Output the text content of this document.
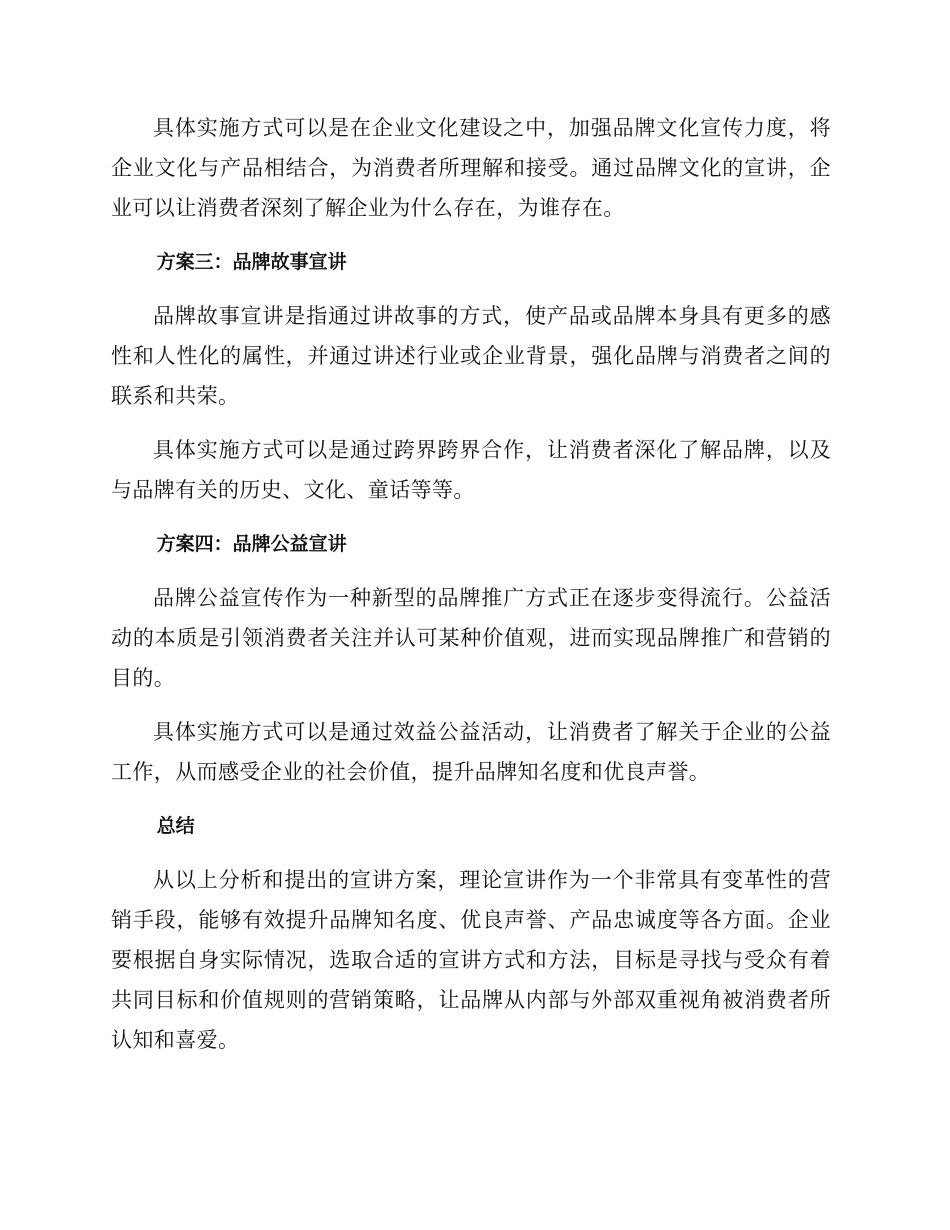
具体实施方式可以是在企业文化建设之中，加强品牌文化宣传力度，将企业文化与产品相结合，为消费者所理解和接受。通过品牌文化的宣讲，企业可以让消费者深刻了解企业为什么存在，为谁存在。

方案三：品牌故事宣讲

品牌故事宣讲是指通过讲故事的方式，使产品或品牌本身具有更多的感性和人性化的属性，并通过讲述行业或企业背景，强化品牌与消费者之间的联系和共荣。

具体实施方式可以是通过跨界跨界合作，让消费者深化了解品牌，以及与品牌有关的历史、文化、童话等等。

方案四：品牌公益宣讲

品牌公益宣传作为一种新型的品牌推广方式正在逐步变得流行。公益活动的本质是引领消费者关注并认可某种价值观，进而实现品牌推广和营销的目的。

具体实施方式可以是通过效益公益活动，让消费者了解关于企业的公益工作，从而感受企业的社会价值，提升品牌知名度和优良声誉。

总结

从以上分析和提出的宣讲方案，理论宣讲作为一个非常具有变革性的营销手段，能够有效提升品牌知名度、优良声誉、产品忠诚度等各方面。企业要根据自身实际情况，选取合适的宣讲方式和方法，目标是寻找与受众有着共同目标和价值规则的营销策略，让品牌从内部与外部双重视角被消费者所认知和喜爱。
